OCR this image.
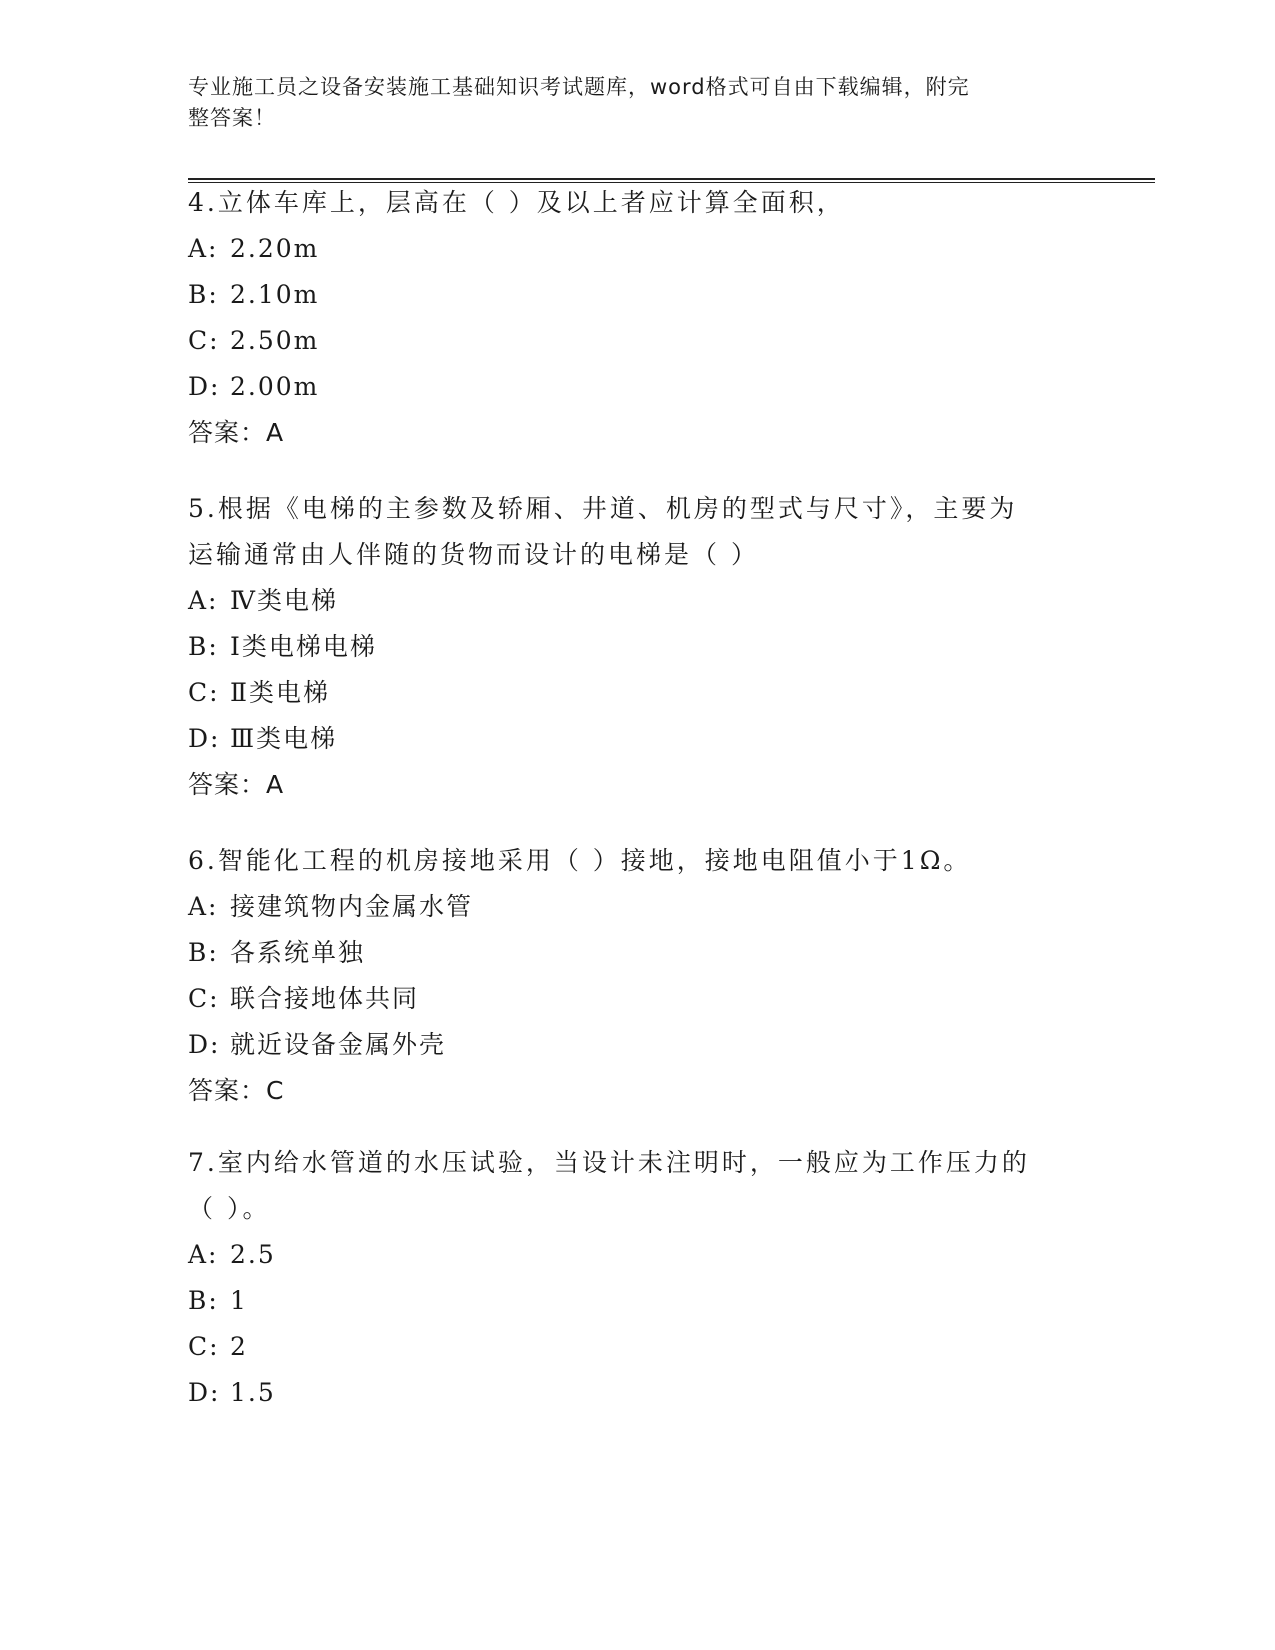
专业施工员之设备安装施工基础知识考试题库，word格式可自由下载编辑，附完
整答案！

4.立体车库上，层高在（ ）及以上者应计算全面积，

A: 2.20m

B: 2.10m

C: 2.50m

D: 2.00m

答案：A

5.根据《电梯的主参数及轿厢、井道、机房的型式与尺寸》，主要为

运输通常由人伴随的货物而设计的电梯是（ ）

A: Ⅳ类电梯

B: Ⅰ类电梯电梯

C: Ⅱ类电梯

D: Ⅲ类电梯

答案：A

6.智能化工程的机房接地采用（ ）接地，接地电阻值小于1Ω。

A: 接建筑物内金属水管

B: 各系统单独

C: 联合接地体共同

D: 就近设备金属外壳

答案：C

7.室内给水管道的水压试验，当设计未注明时，一般应为工作压力的

（ ）。

A: 2.5

B: 1

C: 2

D: 1.5
